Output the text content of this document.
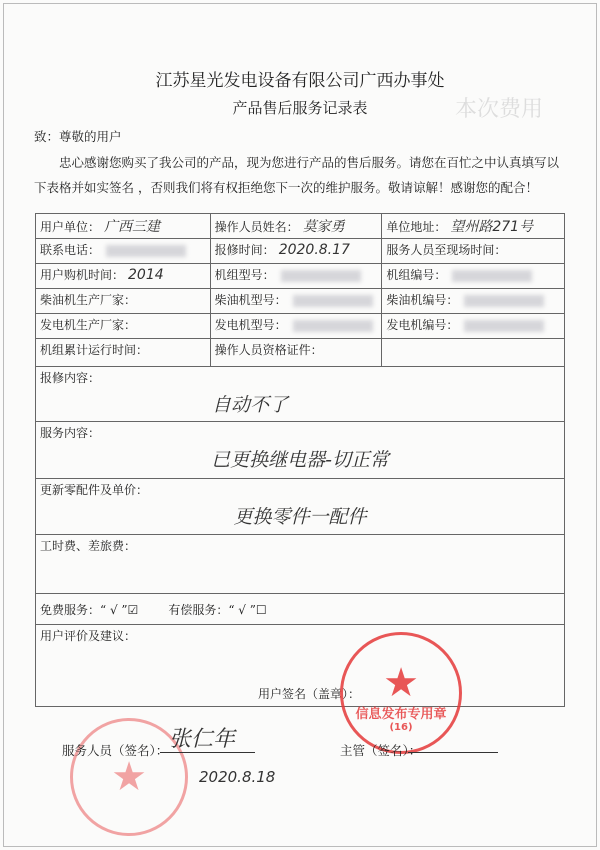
本次费用
江苏星光发电设备有限公司广西办事处
产品售后服务记录表
致：尊敬的用户
忠心感谢您购买了我公司的产品，现为您进行产品的售后服务。请您在百忙之中认真填写以下表格并如实签名 ，否则我们将有权拒绝您下一次的维护服务。敬请谅解！感谢您的配合！
用户单位： 广西三建	操作人员姓名： 莫家勇	单位地址： 望州路271号
联系电话：	报修时间： 2020.8.17	服务人员至现场时间：
用户购机时间： 2014	机组型号：	机组编号：
柴油机生产厂家：	柴油机型号：	柴油机编号：
发电机生产厂家：	发电机型号：	发电机编号：
机组累计运行时间：	操作人员资格证件：	
报修内容：
自动不了		

服务内容：
已更换继电器-切正常		

更新零配件及单价：
更换零件一配件		

工时费、差旅费：		
免费服务：“ √ ”☑ 有偿服务：“ √ ”☐		
用户评价及建议：
用户签名（盖章）：		★
信息发布专用章
(16)
★
服务人员（签名）： 张仁年
2020.8.18
主管（签名）：
